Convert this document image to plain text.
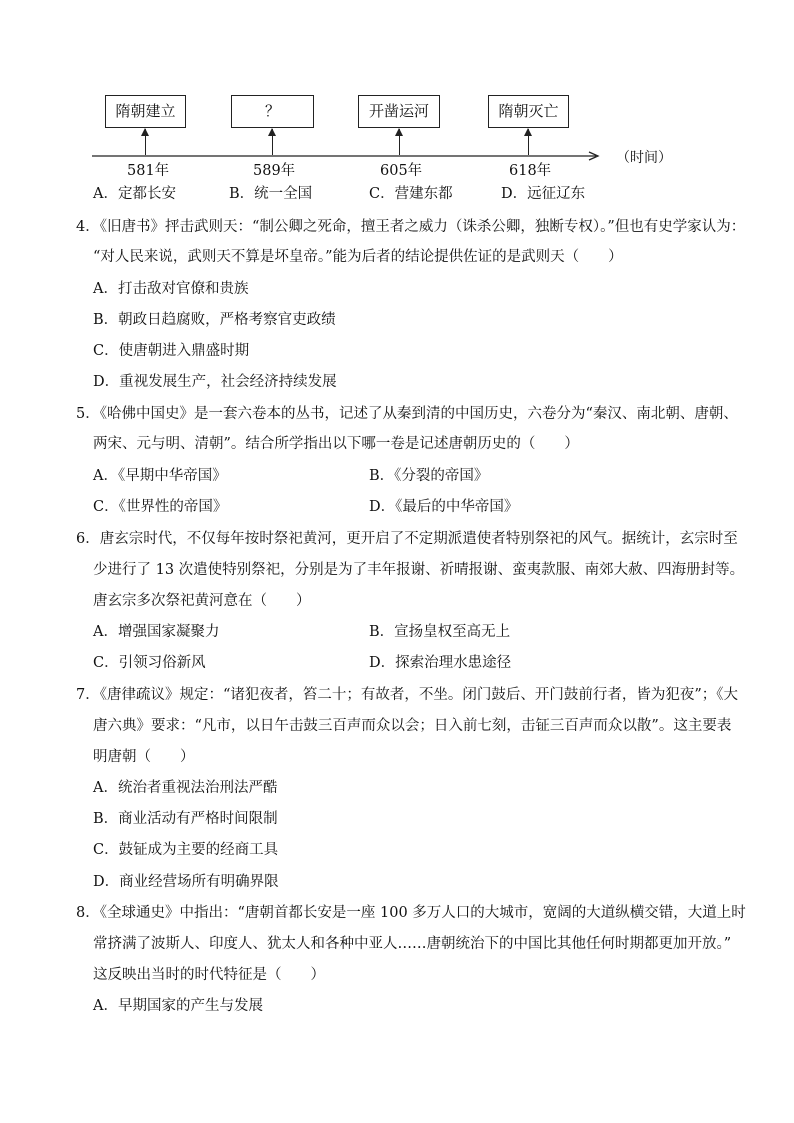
隋朝建立	？	开凿运河	隋朝灭亡
（时间）
581年	589年	605年	618年
A．定都长安	B．统一全国	C．营建东都	D．远征辽东
4．《旧唐书》抨击武则天：“制公卿之死命，擅王者之威力（诛杀公卿，独断专权）。”但也有史学家认为：
“对人民来说，武则天不算是坏皇帝。”能为后者的结论提供佐证的是武则天（　　）
A．打击敌对官僚和贵族
B．朝政日趋腐败，严格考察官吏政绩
C．使唐朝进入鼎盛时期
D．重视发展生产，社会经济持续发展
5．《哈佛中国史》是一套六卷本的丛书，记述了从秦到清的中国历史，六卷分为“秦汉、南北朝、唐朝、
两宋、元与明、清朝”。结合所学指出以下哪一卷是记述唐朝历史的（　　）
A．《早期中华帝国》	B．《分裂的帝国》
C．《世界性的帝国》	D．《最后的中华帝国》
6．唐玄宗时代，不仅每年按时祭祀黄河，更开启了不定期派遣使者特别祭祀的风气。据统计，玄宗时至
少进行了 13 次遣使特别祭祀，分别是为了丰年报谢、祈晴报谢、蛮夷款服、南郊大赦、四海册封等。
唐玄宗多次祭祀黄河意在（　　）
A．增强国家凝聚力	B．宣扬皇权至高无上
C．引领习俗新风	D．探索治理水患途径
7．《唐律疏议》规定：“诸犯夜者，笞二十；有故者，不坐。闭门鼓后、开门鼓前行者，皆为犯夜”；《大
唐六典》要求：“凡市，以日午击鼓三百声而众以会；日入前七刻，击钲三百声而众以散”。这主要表
明唐朝（　　）
A．统治者重视法治刑法严酷
B．商业活动有严格时间限制
C．鼓钲成为主要的经商工具
D．商业经营场所有明确界限
8．《全球通史》中指出：“唐朝首都长安是一座 100 多万人口的大城市，宽阔的大道纵横交错，大道上时
常挤满了波斯人、印度人、犹太人和各种中亚人……唐朝统治下的中国比其他任何时期都更加开放。”
这反映出当时的时代特征是（　　）
A．早期国家的产生与发展
